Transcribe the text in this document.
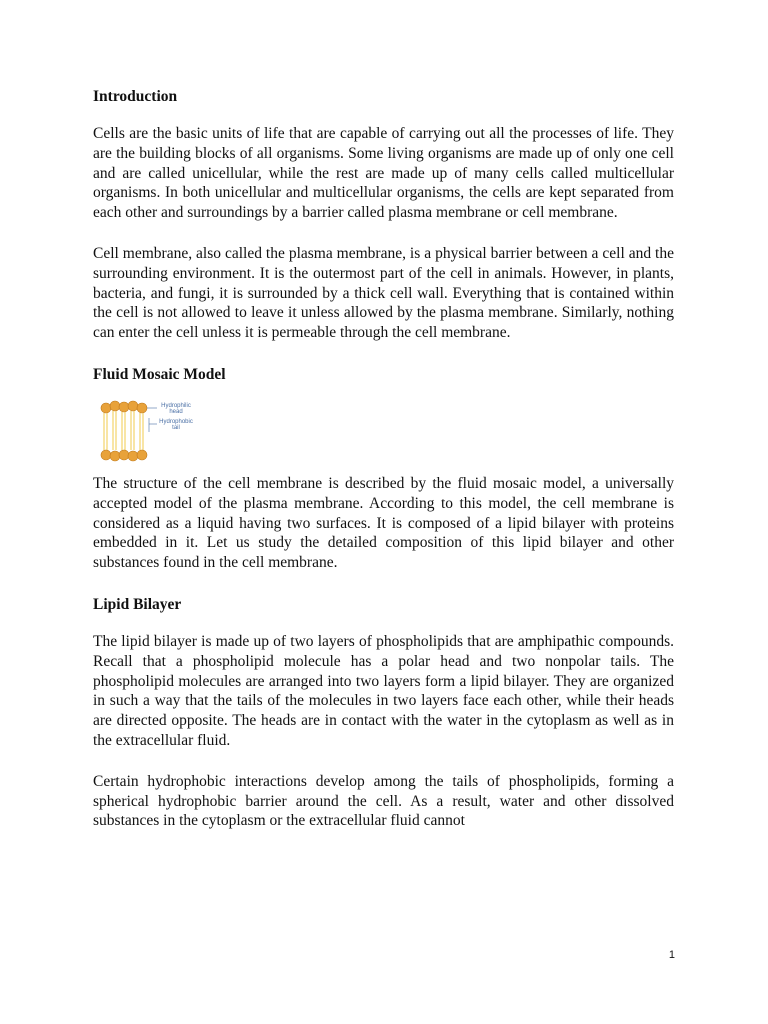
Introduction

Cells are the basic units of life that are capable of carrying out all the processes of life. They are the building blocks of all organisms. Some living organisms are made up of only one cell and are called unicellular, while the rest are made up of many cells called multicellular organisms. In both unicellular and multicellular organisms, the cells are kept separated from each other and surroundings by a barrier called plasma membrane or cell membrane.

Cell membrane, also called the plasma membrane, is a physical barrier between a cell and the surrounding environment. It is the outermost part of the cell in animals. However, in plants, bacteria, and fungi, it is surrounded by a thick cell wall. Everything that is contained within the cell is not allowed to leave it unless allowed by the plasma membrane. Similarly, nothing can enter the cell unless it is permeable through the cell membrane.

Fluid Mosaic Model
Hydrophilic head
Hydrophobic tail

The structure of the cell membrane is described by the fluid mosaic model, a universally accepted model of the plasma membrane. According to this model, the cell membrane is considered as a liquid having two surfaces. It is composed of a lipid bilayer with proteins embedded in it. Let us study the detailed composition of this lipid bilayer and other substances found in the cell membrane.

Lipid Bilayer

The lipid bilayer is made up of two layers of phospholipids that are amphipathic compounds. Recall that a phospholipid molecule has a polar head and two nonpolar tails. The phospholipid molecules are arranged into two layers form a lipid bilayer. They are organized in such a way that the tails of the molecules in two layers face each other, while their heads are directed opposite. The heads are in contact with the water in the cytoplasm as well as in the extracellular fluid.

Certain hydrophobic interactions develop among the tails of phospholipids, forming a spherical hydrophobic barrier around the cell. As a result, water and other dissolved substances in the cytoplasm or the extracellular fluid cannot

1
